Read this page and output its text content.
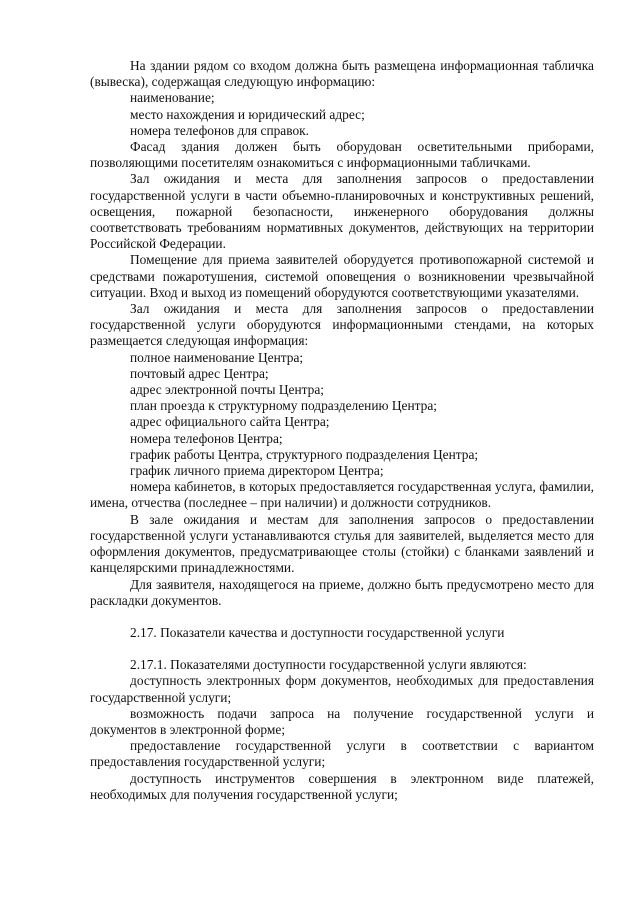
На здании рядом со входом должна быть размещена информационная табличка (вывеска), содержащая следующую информацию:

наименование;

место нахождения и юридический адрес;

номера телефонов для справок.

Фасад здания должен быть оборудован осветительными приборами, позволяющими посетителям ознакомиться с информационными табличками.

Зал ожидания и места для заполнения запросов о предоставлении государственной услуги в части объемно-планировочных и конструктивных решений, освещения, пожарной безопасности, инженерного оборудования должны соответствовать требованиям нормативных документов, действующих на территории Российской Федерации.

Помещение для приема заявителей оборудуется противопожарной системой и средствами пожаротушения, системой оповещения о возникновении чрезвычайной ситуации. Вход и выход из помещений оборудуются соответствующими указателями.

Зал ожидания и места для заполнения запросов о предоставлении государственной услуги оборудуются информационными стендами, на которых размещается следующая информация:

полное наименование Центра;

почтовый адрес Центра;

адрес электронной почты Центра;

план проезда к структурному подразделению Центра;

адрес официального сайта Центра;

номера телефонов Центра;

график работы Центра, структурного подразделения Центра;

график личного приема директором Центра;

номера кабинетов, в которых предоставляется государственная услуга, фамилии, имена, отчества (последнее – при наличии) и должности сотрудников.

В зале ожидания и местам для заполнения запросов о предоставлении государственной услуги устанавливаются стулья для заявителей, выделяется место для оформления документов, предусматривающее столы (стойки) с бланками заявлений и канцелярскими принадлежностями.

Для заявителя, находящегося на приеме, должно быть предусмотрено место для раскладки документов.

2.17. Показатели качества и доступности государственной услуги

2.17.1. Показателями доступности государственной услуги являются:

доступность электронных форм документов, необходимых для предоставления государственной услуги;

возможность подачи запроса на получение государственной услуги и документов в электронной форме;

предоставление государственной услуги в соответствии с вариантом предоставления государственной услуги;

доступность инструментов совершения в электронном виде платежей, необходимых для получения государственной услуги;
